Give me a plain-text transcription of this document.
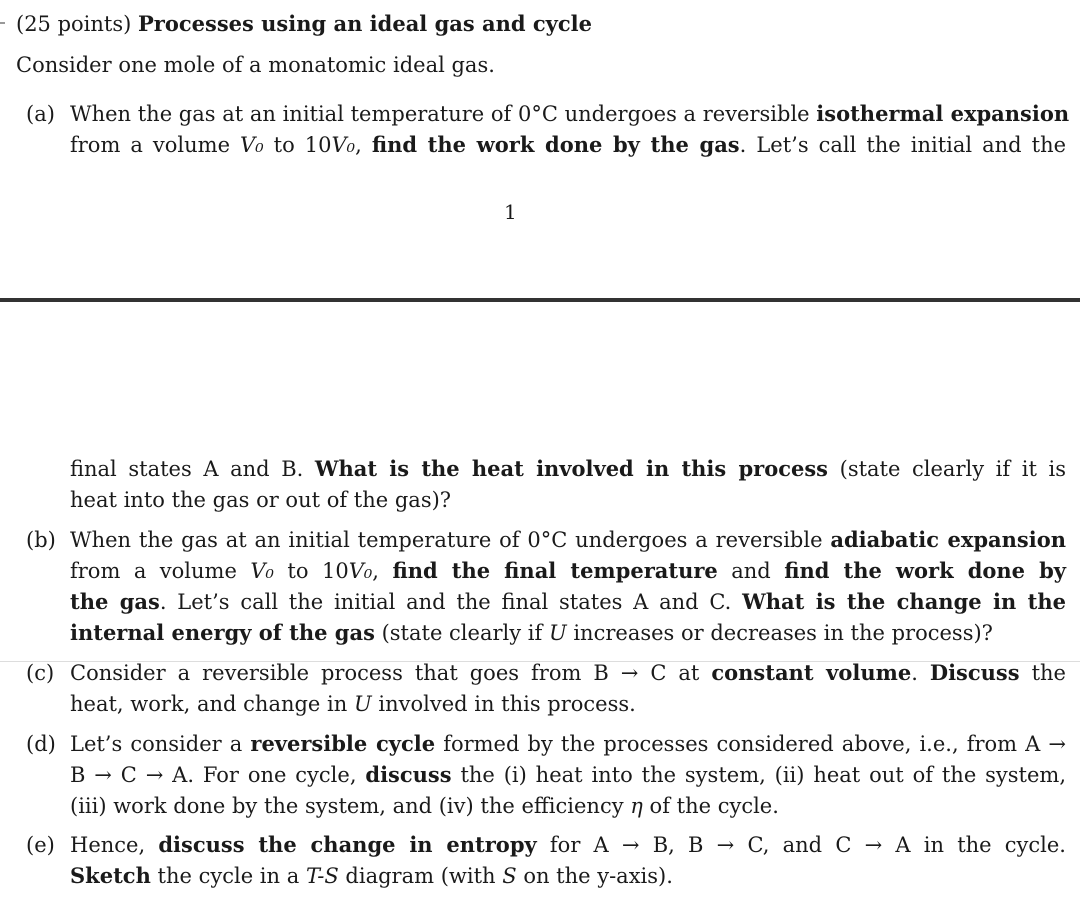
(25 points) Processes using an ideal gas and cycle
Consider one mole of a monatomic ideal gas.
(a) When the gas at an initial temperature of 0°C undergoes a reversible isothermal expansion
from a volume V₀ to 10V₀, find the work done by the gas. Let’s call the initial and the
1
final states A and B. What is the heat involved in this process (state clearly if it is
heat into the gas or out of the gas)?
(b) When the gas at an initial temperature of 0°C undergoes a reversible adiabatic expansion
from a volume V₀ to 10V₀, find the final temperature and find the work done by
the gas. Let’s call the initial and the final states A and C. What is the change in the
internal energy of the gas (state clearly if U increases or decreases in the process)?
(c) Consider a reversible process that goes from B → C at constant volume. Discuss the
heat, work, and change in U involved in this process.
(d) Let’s consider a reversible cycle formed by the processes considered above, i.e., from A →
B → C → A. For one cycle, discuss the (i) heat into the system, (ii) heat out of the system,
(iii) work done by the system, and (iv) the efficiency η of the cycle.
(e) Hence, discuss the change in entropy for A → B, B → C, and C → A in the cycle.
Sketch the cycle in a T-S diagram (with S on the y-axis).
